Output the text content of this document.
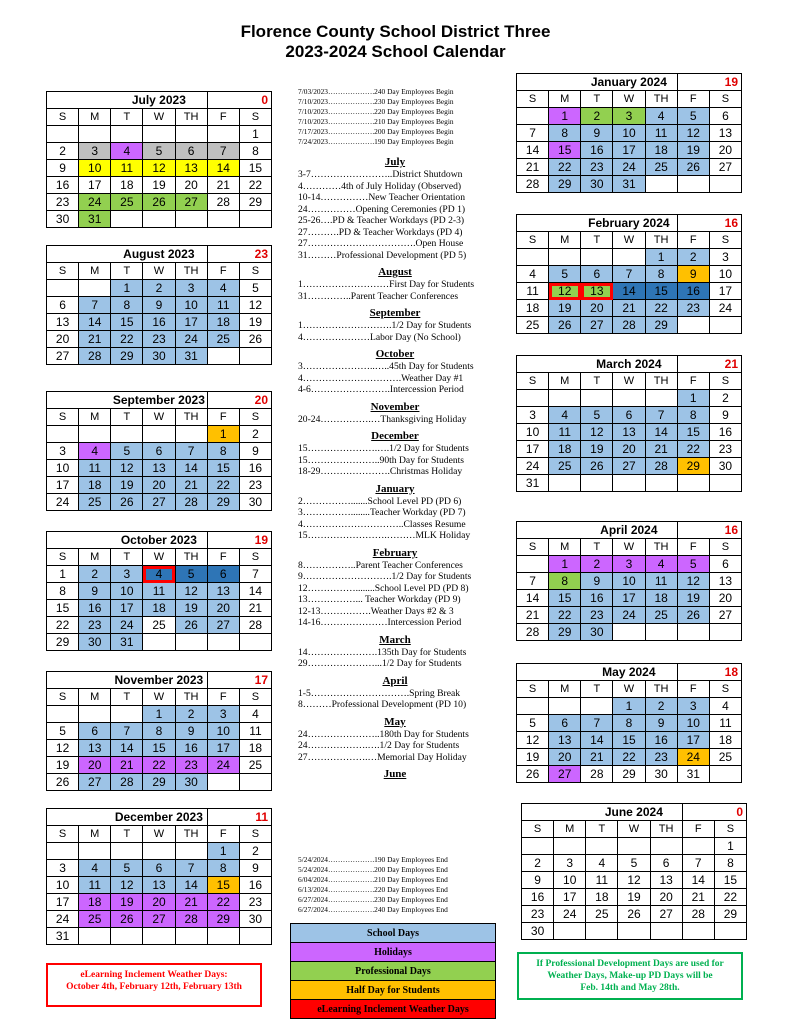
Florence County School District Three
2023-2024 School Calendar
July 2023					0	
S	M	T	W	TH	F	S
						1
2	3	4	5	6	7	8
9	10	11	12	13	14	15
16	17	18	19	20	21	22
23	24	25	26	27	28	29
30	31					
August 2023					23	
S	M	T	W	TH	F	S
		1	2	3	4	5
6	7	8	9	10	11	12
13	14	15	16	17	18	19
20	21	22	23	24	25	26
27	28	29	30	31		
September 2023					20	
S	M	T	W	TH	F	S
					1	2
3	4	5	6	7	8	9
10	11	12	13	14	15	16
17	18	19	20	21	22	23
24	25	26	27	28	29	30
October 2023					19	
S	M	T	W	TH	F	S
1	2	3	4	5	6	7
8	9	10	11	12	13	14
15	16	17	18	19	20	21
22	23	24	25	26	27	28
29	30	31				
November 2023					17	
S	M	T	W	TH	F	S
			1	2	3	4
5	6	7	8	9	10	11
12	13	14	15	16	17	18
19	20	21	22	23	24	25
26	27	28	29	30		
December 2023					11	
S	M	T	W	TH	F	S
					1	2
3	4	5	6	7	8	9
10	11	12	13	14	15	16
17	18	19	20	21	22	23
24	25	26	27	28	29	30
31						
January 2024					19	
S	M	T	W	TH	F	S
	1	2	3	4	5	6
7	8	9	10	11	12	13
14	15	16	17	18	19	20
21	22	23	24	25	26	27
28	29	30	31			
February 2024					16	
S	M	T	W	TH	F	S
				1	2	3
4	5	6	7	8	9	10
11	12	13	14	15	16	17
18	19	20	21	22	23	24
25	26	27	28	29		
March 2024					21	
S	M	T	W	TH	F	S
					1	2
3	4	5	6	7	8	9
10	11	12	13	14	15	16
17	18	19	20	21	22	23
24	25	26	27	28	29	30
31						
April 2024					16	
S	M	T	W	TH	F	S
	1	2	3	4	5	6
7	8	9	10	11	12	13
14	15	16	17	18	19	20
21	22	23	24	25	26	27
28	29	30				
May 2024					18	
S	M	T	W	TH	F	S
			1	2	3	4
5	6	7	8	9	10	11
12	13	14	15	16	17	18
19	20	21	22	23	24	25
26	27	28	29	30	31	
June 2024					0	
S	M	T	W	TH	F	S
						1
2	3	4	5	6	7	8
9	10	11	12	13	14	15
16	17	18	19	20	21	22
23	24	25	26	27	28	29
30						
7/03/2023……………….240 Day Employees Begin
7/10/2023……………….230 Day Employees Begin
7/10/2023……………….220 Day Employees Begin
7/10/2023……………….210 Day Employees Begin
7/17/2023……………….200 Day Employees Begin
7/24/2023……………….190 Day Employees Begin
July
3-7……………………..District Shutdown
4…………4th of July Holiday (Observed)
10-14……………New Teacher Orientation
24……………Opening Ceremonies (PD 1)
25-26….PD & Teacher Workdays (PD 2-3)
27……….PD & Teacher Workdays (PD 4)
27…………………………….Open House
31………Professional Development (PD 5)
August
1………………………First Day for Students
31…………..Parent Teacher Conferences
September
1……………………….1/2 Day for Students
4…………………Labor Day (No School)
October
3…………………..…..45th Day for Students
4………………………….Weather Day #1
4-6…………………….Intercession Period
November
20-24…………….…Thanksgiving Holiday
December
15………………….….1/2 Day for Students
15…………………..90th Day for Students
18-29………………….Christmas Holiday
January
2…………….......School Level PD (PD 6)
3……………........Teacher Workday (PD 7)
4…………………………..Classes Resume
15…………………….………MLK Holiday
February
8……………..Parent Teacher Conferences
9……………………….1/2 Day for Students
12……………........School Level PD (PD 8)
13……………... Teacher Workday (PD 9)
12-13…………….Weather Days #2 & 3
14-16…………………Intercession Period
March
14………………….135th Day for Students
29…………………...1/2 Day for Students
April
1-5………………………….Spring Break
8………Professional Development (PD 10)
May
24…………………..180th Day for Students
24……………….….1/2 Day for Students
27……………….…Memorial Day Holiday
June
5/24/2024……………….190 Day Employees End
5/24/2024……………….200 Day Employees End
6/04/2024……………….210 Day Employees End
6/13/2024……………….220 Day Employees End
6/27/2024……………….230 Day Employees End
6/27/2024……………….240 Day Employees End
School Days
Holidays
Professional Days
Half Day for Students
eLearning Inclement Weather Days
eLearning Inclement Weather Days:
October 4th, February 12th, February 13th
If Professional Development Days are used for
Weather Days, Make-up PD Days will be
Feb. 14th and May 28th.
